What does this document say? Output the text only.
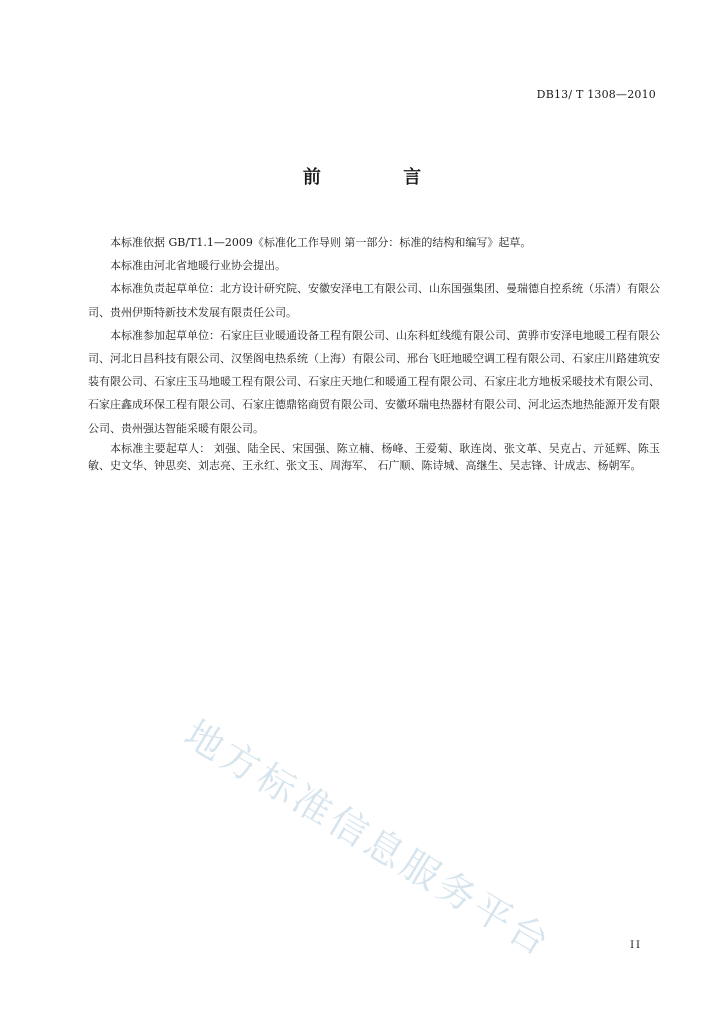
DB13/ T 1308—2010
前 言

本标准依据 GB/T1.1—2009《标准化工作导则 第一部分：标准的结构和编写》起草。

本标准由河北省地暖行业协会提出。

本标准负责起草单位：北方设计研究院、安徽安泽电工有限公司、山东国强集团、曼瑞德自控系统（乐清）有限公司、贵州伊斯特新技术发展有限责任公司。

本标准参加起草单位：石家庄巨业暖通设备工程有限公司、山东科虹线缆有限公司、黄骅市安泽电地暖工程有限公司、河北日昌科技有限公司、汉堡阁电热系统（上海）有限公司、邢台飞旺地暖空调工程有限公司、石家庄川路建筑安装有限公司、石家庄玉马地暖工程有限公司、石家庄天地仁和暖通工程有限公司、石家庄北方地板采暖技术有限公司、石家庄鑫成环保工程有限公司、石家庄德鼎铭商贸有限公司、安徽环瑞电热器材有限公司、河北运杰地热能源开发有限公司、贵州强达智能采暖有限公司。

本标准主要起草人： 刘强、陆全民、宋国强、陈立楠、杨峰、王爱菊、耿连岗、张文革、吴克占、亓延辉、陈玉敏、史文华、钟思奕、刘志亮、王永红、张文玉、周海军、 石广顺、陈诗城、高继生、吴志锋、计成志、杨朝军。

地方标准信息服务平台	II
